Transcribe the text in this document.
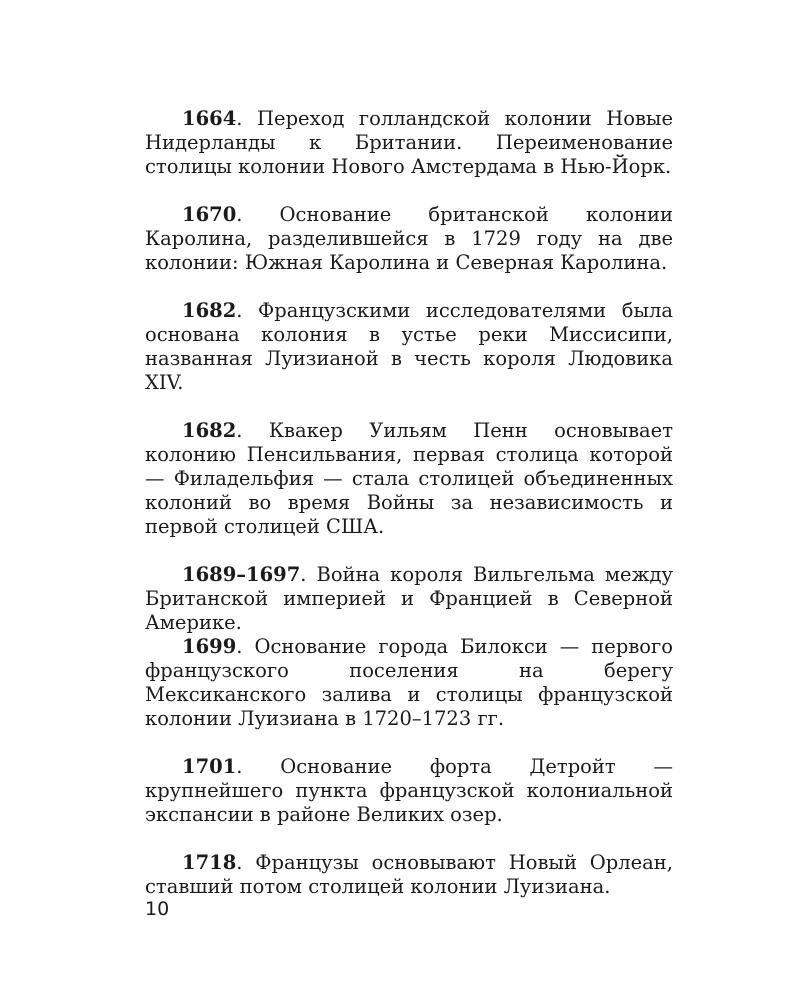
1664. Переход голландской колонии Новые Нидерланды к Британии. Переименование столицы колонии Нового Амстердама в Нью-Йорк.

1670. Основание британской колонии Каролина, разделившейся в 1729 году на две колонии: Южная Каролина и Северная Каролина.

1682. Французскими исследователями была основана колония в устье реки Миссисипи, названная Луизианой в честь короля Людовика XIV.

1682. Квакер Уильям Пенн основывает колонию Пенсильвания, первая столица которой — Филадельфия — стала столицей объединенных колоний во время Войны за независимость и первой столицей США.

1689–1697. Война короля Вильгельма между Британской империей и Францией в Северной Америке.

1699. Основание города Билокси — первого французского поселения на берегу Мексиканского залива и столицы французской колонии Луизиана в 1720–1723 гг.

1701. Основание форта Детройт — крупнейшего пункта французской колониальной экспансии в районе Великих озер.

1718. Французы основывают Новый Орлеан, ставший потом столицей колонии Луизиана.

10
